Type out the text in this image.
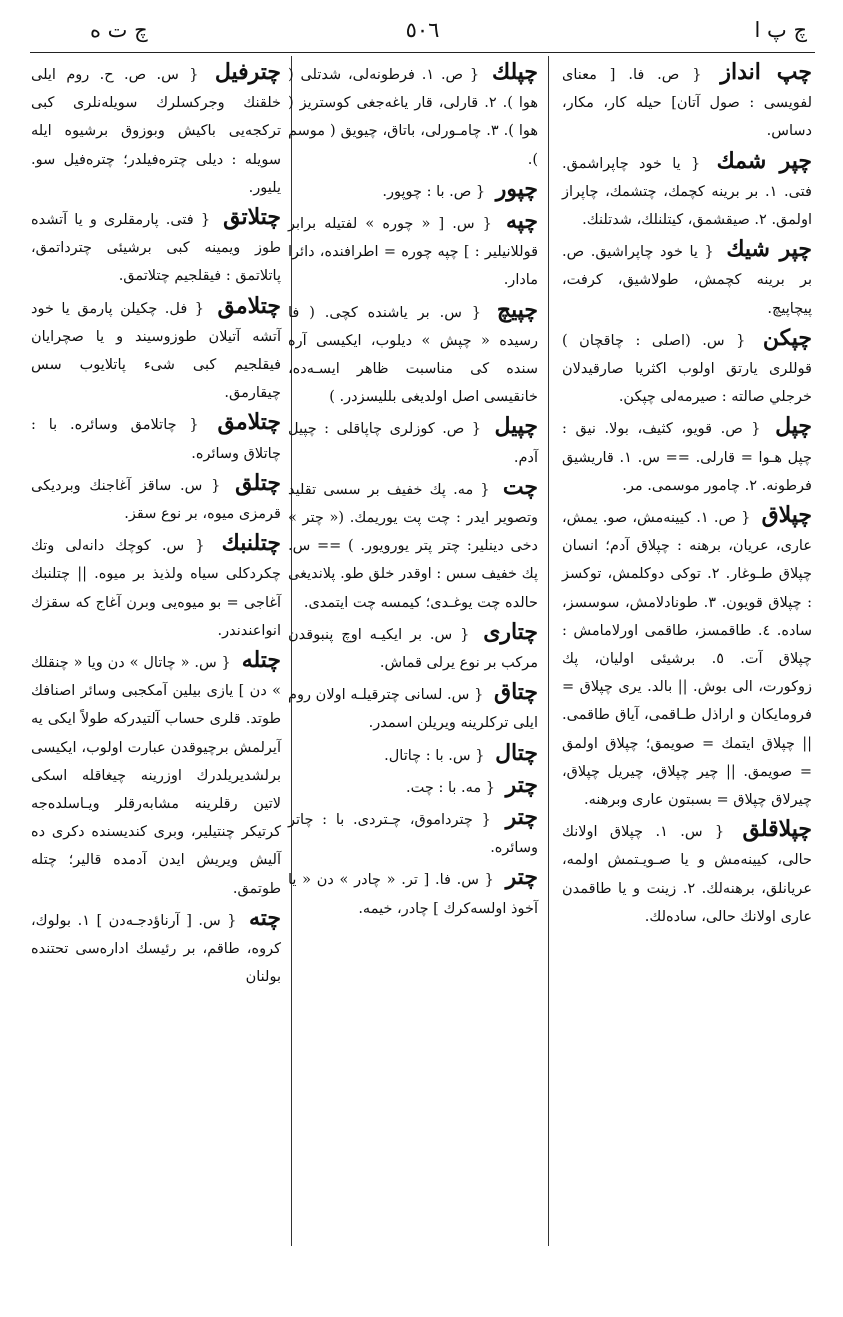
چ پ ا
٥٠٦
چ ت ه
چپ انداز { ص. فا. [ معناى لفويسى : صول آتان] حيله كار، مكار، دساس.
چپر شمك { يا خود چاپراشمق. فتى. ١. بر برينه كچمك، چتشمك، چاپراز اولمق. ٢. صيقشمق، كيتلنلك، شدتلنك.
چپر شيك { يا خود چاپراشيق. ص. بر برينه كچمش، طولاشيق، كرفت، پيچاپيچ.
چپكن { س. (اصلى : چاقچان ) قوللرى يارتق اولوب اكثريا صارقيدلان خرجلي صالته : صيرمه‌لى چپكن.
چپل { ص. قويو، كثيف، بولا. نيق : چپل هـوا = قارلى. == س. ١. قاريشيق فرطونه. ٢. چامور موسمى. مر.
چپلاق { ص. ١. كيينه‌مش، صو. يمش، عارى، عريان، برهنه : چپلاق آدم؛ انسان چپلاق طـوغار. ٢. توكى دوكلمش، توكسز : چپلاق قويون. ٣. طونادلامش، سوسسز، ساده. ٤. طاقمسز، طاقمى اورلامامش : چپلاق آت. ٥. برشيئى اوليان، پك زوكورت، الى بوش. || بالد. يرى چپلاق = فرومايكان و اراذل طـاقمى، آياق طاقمى. || چپلاق ايتمك = صويمق؛ چپلاق اولمق = صويمق. || چير چپلاق، چيريل چپلاق، چيرلاق چپلاق = بسبتون عارى وبرهنه.
چپلاقلق { س. ١. چپلاق اولانك حالى، كيينه‌مش و يا صـويـتمش اولمه، عريانلق، برهنه‌لك. ٢. زينت و يا طاقمدن عارى اولانك حالى، ساده‌لك.
چپلك { ص. ١. فرطونه‌لى، شدتلى ( هوا ). ٢. قارلى، قار ياغه‌جغى كوستريز ( هوا ). ٣. چامـورلى، باتاق، چيويق ( موسم ).
چپور { ص. با : چوپور.
چپه { س. [ « چوره » لفتيله برابر قوللانيلير : ] چپه چوره = اطرافنده، دائرا مادار.
چپيچ { س. بر ياشنده كچى. ( فا رسيده « چپش » ديلوب، ايكيسى آره سنده كى مناسبت ظاهر ايسـه‌ده، خانقيسى اصل اولديغى بلليسزدر. )
چپيل { ص. كوزلرى چاپاقلى : چپيل آدم.
چت { مه. پك خفيف بر سسى تقليد وتصوير ايدر : چت پت يوريمك. (« چتر » دخى دينلير: چتر پتر يورويور. ) == س. پك خفيف سس : اوقدر خلق طو. پلانديغى حالده چت يوغـدى؛ كيمسه چت ايتمدى.
چتارى { س. بر ايكيـه اوچ پنبوقدن مركب بر نوع يرلى قماش.
چتاق { س. لسانى چترقيلـه اولان روم ايلى تركلرينه ويريلن اسمدر.
چتال { س. با : چاتال.
چتر { مه. با : چت.
چتر { چترداموق، چـتردى. با : چاتر وسائره.
چتر { س. فا. [ تر. « چادر » دن « يا آخوذ اولسه‌كرك ] چادر، خيمه.
چترفيل { س. ص. ح. روم ايلى خلقنك وجركسلرك سويله‌نلرى كبى تركجه‌يى باكيش وبوزوق برشيوه ايله سويله : ديلى چتره‌فيلدر؛ چتره‌فيل سو. يليور.
چتلاتق { فتى. پارمقلرى و يا آتشده طوز ويمينه كبى برشيئى چترداتمق، پاتلاتمق : فيقلجيم چتلاتمق.
چتلامق { فل. چكيلن پارمق يا خود آتشه آتيلان طوزوسيند و يا صچرايان فيقلجيم كبى شىء پاتلايوب سس چيقارمق.
چتلامق { چاتلامق وسائره. با : چاتلاق وسائره.
چتلق { س. ساقز آغاجنك وبرديكى قرمزى ميوه، بر نوع سقز.
چتلنبك { س. كوچك دانه‌لى وتك چكردكلى سياه ولذيذ بر ميوه. || چتلنبك آغاجى = بو ميوه‌يى وبرن آغاج كه سقزك انواعندندر.
چتله { س. « چاتال » دن ويا « چنقلك » دن ] يازى بيلين آمكجبى وسائر اصنافك طوتد. قلرى حساب آلتيدركه طولاً ايكى يه آيرلمش برچيوقدن عبارت اولوب، ايكيسى برلشديريلدرك اوزرينه چيغاقله اسكى لاتين رقلرينه مشابه‌رقلر ويـاسلده‌جه كرتيكر چنتيلير، وبرى كنديسنده دكرى ده آليش ويريش ايدن آدمده قالير؛ چتله طوتمق.
چته { س. [ آرناؤدجـه‌دن ] ١. بولوك، كروه، طاقم، بر رئيسك اداره‌سى تحتنده بولنان
